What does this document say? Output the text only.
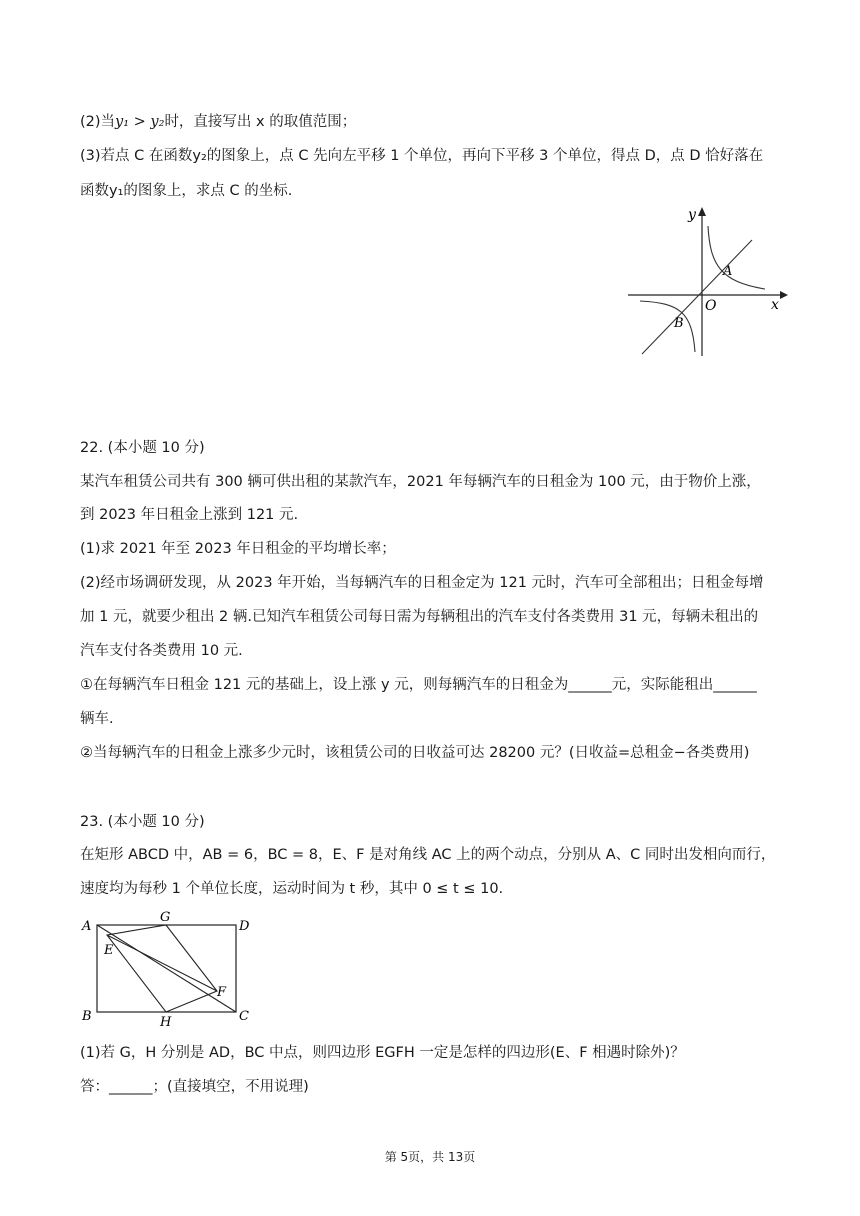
(2)当y₁ > y₂时，直接写出 x 的取值范围；
(3)若点 C 在函数y₂的图象上，点 C 先向左平移 1 个单位，再向下平移 3 个单位，得点 D，点 D 恰好落在
函数y₁的图象上，求点 C 的坐标.
y
x
O
A
B
22. (本小题 10 分)
某汽车租赁公司共有 300 辆可供出租的某款汽车，2021 年每辆汽车的日租金为 100 元，由于物价上涨，
到 2023 年日租金上涨到 121 元.
(1)求 2021 年至 2023 年日租金的平均增长率；
(2)经市场调研发现，从 2023 年开始，当每辆汽车的日租金定为 121 元时，汽车可全部租出；日租金每增
加 1 元，就要少租出 2 辆.已知汽车租赁公司每日需为每辆租出的汽车支付各类费用 31 元，每辆未租出的
汽车支付各类费用 10 元.
①在每辆汽车日租金 121 元的基础上，设上涨 y 元，则每辆汽车的日租金为______元，实际能租出______
辆车.
②当每辆汽车的日租金上涨多少元时，该租赁公司的日收益可达 28200 元？(日收益=总租金−各类费用)
23. (本小题 10 分)
在矩形 ABCD 中，AB = 6，BC = 8，E、F 是对角线 AC 上的两个动点，分别从 A、C 同时出发相向而行，
速度均为每秒 1 个单位长度，运动时间为 t 秒，其中 0 ≤ t ≤ 10.
A	D
B	C
G
H
E
F
(1)若 G，H 分别是 AD，BC 中点，则四边形 EGFH 一定是怎样的四边形(E、F 相遇时除外)？
答：______；(直接填空，不用说理)
第 5页，共 13页
